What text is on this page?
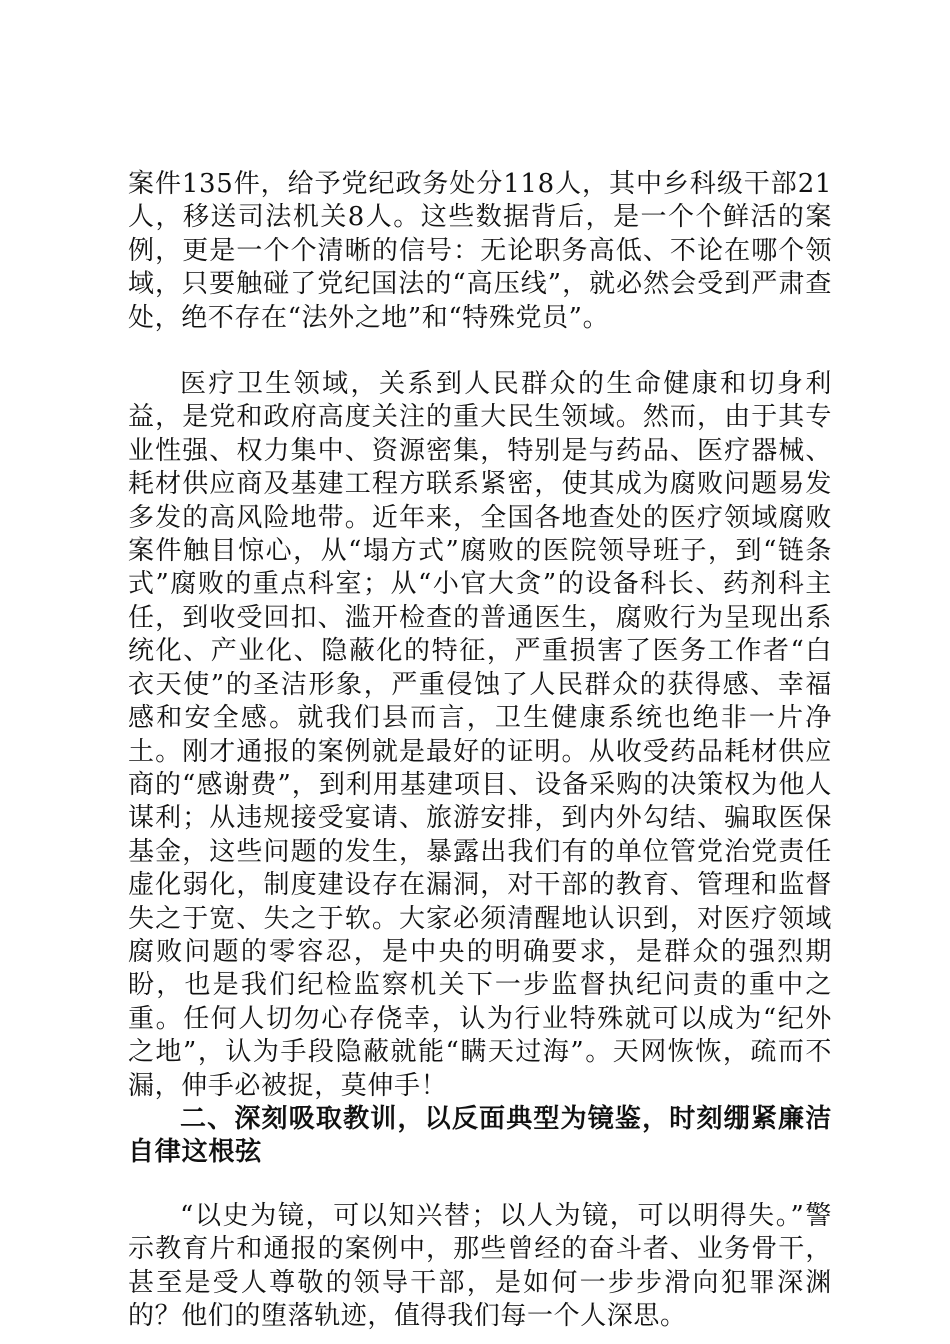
案件135件，给予党纪政务处分118人，其中乡科级干部21人，移送司法机关8人。这些数据背后，是一个个鲜活的案例，更是一个个清晰的信号：无论职务高低、不论在哪个领域，只要触碰了党纪国法的“高压线”，就必然会受到严肃查处，绝不存在“法外之地”和“特殊党员”。

医疗卫生领域，关系到人民群众的生命健康和切身利益，是党和政府高度关注的重大民生领域。然而，由于其专业性强、权力集中、资源密集，特别是与药品、医疗器械、耗材供应商及基建工程方联系紧密，使其成为腐败问题易发多发的高风险地带。近年来，全国各地查处的医疗领域腐败案件触目惊心，从“塌方式”腐败的医院领导班子，到“链条式”腐败的重点科室；从“小官大贪”的设备科长、药剂科主任，到收受回扣、滥开检查的普通医生，腐败行为呈现出系统化、产业化、隐蔽化的特征，严重损害了医务工作者“白衣天使”的圣洁形象，严重侵蚀了人民群众的获得感、幸福感和安全感。就我们县而言，卫生健康系统也绝非一片净土。刚才通报的案例就是最好的证明。从收受药品耗材供应商的“感谢费”，到利用基建项目、设备采购的决策权为他人谋利；从违规接受宴请、旅游安排，到内外勾结、骗取医保基金，这些问题的发生，暴露出我们有的单位管党治党责任虚化弱化，制度建设存在漏洞，对干部的教育、管理和监督失之于宽、失之于软。大家必须清醒地认识到，对医疗领域腐败问题的零容忍，是中央的明确要求，是群众的强烈期盼，也是我们纪检监察机关下一步监督执纪问责的重中之重。任何人切勿心存侥幸，认为行业特殊就可以成为“纪外之地”，认为手段隐蔽就能“瞒天过海”。天网恢恢，疏而不漏，伸手必被捉，莫伸手！

二、深刻吸取教训，以反面典型为镜鉴，时刻绷紧廉洁自律这根弦

“以史为镜，可以知兴替；以人为镜，可以明得失。”警示教育片和通报的案例中，那些曾经的奋斗者、业务骨干，甚至是受人尊敬的领导干部，是如何一步步滑向犯罪深渊的？他们的堕落轨迹，值得我们每一个人深思。
